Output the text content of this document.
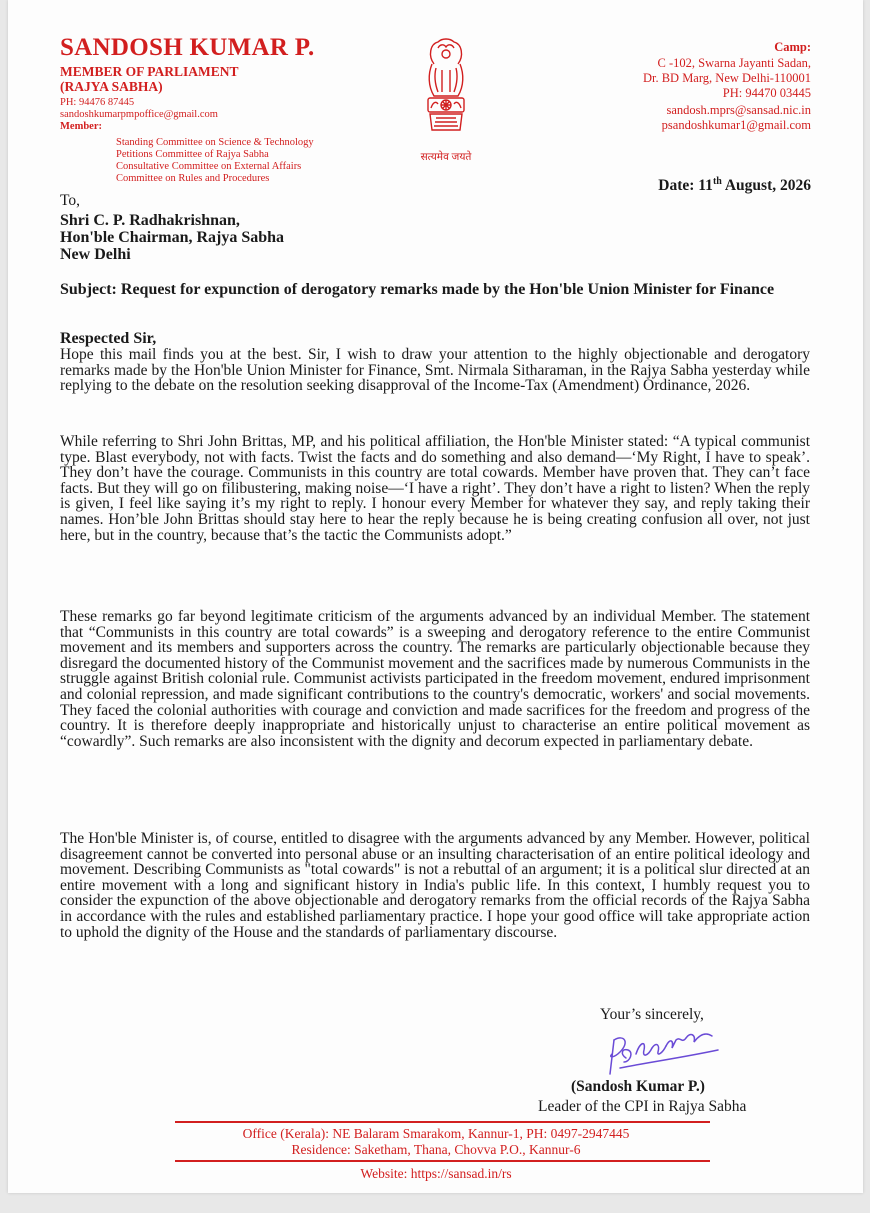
SANDOSH KUMAR P.
MEMBER OF PARLIAMENT
(RAJYA SABHA)
PH: 94476 87445
sandoshkumarpmpoffice@gmail.com
Member:
Standing Committee on Science & Technology
Petitions Committee of Rajya Sabha
Consultative Committee on External Affairs
Committee on Rules and Procedures
सत्यमेव जयते
Camp:
C -102, Swarna Jayanti Sadan,
Dr. BD Marg, New Delhi-110001
PH: 94470 03445
sandosh.mprs@sansad.nic.in
psandoshkumar1@gmail.com
Date: 11th August, 2026
To,
Shri C. P. Radhakrishnan,
Hon'ble Chairman, Rajya Sabha
New Delhi
Subject: Request for expunction of derogatory remarks made by the Hon'ble Union Minister for Finance
Respected Sir,
Hope this mail finds you at the best. Sir, I wish to draw your attention to the highly objectionable and derogatory remarks made by the Hon'ble Union Minister for Finance, Smt. Nirmala Sitharaman, in the Rajya Sabha yesterday while replying to the debate on the resolution seeking disapproval of the Income-Tax (Amendment) Ordinance, 2026.
While referring to Shri John Brittas, MP, and his political affiliation, the Hon'ble Minister stated: “A typical communist type. Blast everybody, not with facts. Twist the facts and do something and also demand—‘My Right, I have to speak’. They don’t have the courage. Communists in this country are total cowards. Member have proven that. They can’t face facts. But they will go on filibustering, making noise—‘I have a right’. They don’t have a right to listen? When the reply is given, I feel like saying it’s my right to reply. I honour every Member for whatever they say, and reply taking their names. Hon’ble John Brittas should stay here to hear the reply because he is being creating confusion all over, not just here, but in the country, because that’s the tactic the Communists adopt.”
These remarks go far beyond legitimate criticism of the arguments advanced by an individual Member. The statement that “Communists in this country are total cowards” is a sweeping and derogatory reference to the entire Communist movement and its members and supporters across the country. The remarks are particularly objectionable because they disregard the documented history of the Communist movement and the sacrifices made by numerous Communists in the struggle against British colonial rule. Communist activists participated in the freedom movement, endured imprisonment and colonial repression, and made significant contributions to the country's democratic, workers' and social movements. They faced the colonial authorities with courage and conviction and made sacrifices for the freedom and progress of the country. It is therefore deeply inappropriate and historically unjust to characterise an entire political movement as “cowardly”. Such remarks are also inconsistent with the dignity and decorum expected in parliamentary debate.
The Hon'ble Minister is, of course, entitled to disagree with the arguments advanced by any Member. However, political disagreement cannot be converted into personal abuse or an insulting characterisation of an entire political ideology and movement. Describing Communists as "total cowards" is not a rebuttal of an argument; it is a political slur directed at an entire movement with a long and significant history in India's public life. In this context, I humbly request you to consider the expunction of the above objectionable and derogatory remarks from the official records of the Rajya Sabha in accordance with the rules and established parliamentary practice. I hope your good office will take appropriate action to uphold the dignity of the House and the standards of parliamentary discourse.
Your’s sincerely,
(Sandosh Kumar P.)
Leader of the CPI in Rajya Sabha
Office (Kerala): NE Balaram Smarakom, Kannur-1, PH: 0497-2947445
Residence: Saketham, Thana, Chovva P.O., Kannur-6
Website: https://sansad.in/rs
